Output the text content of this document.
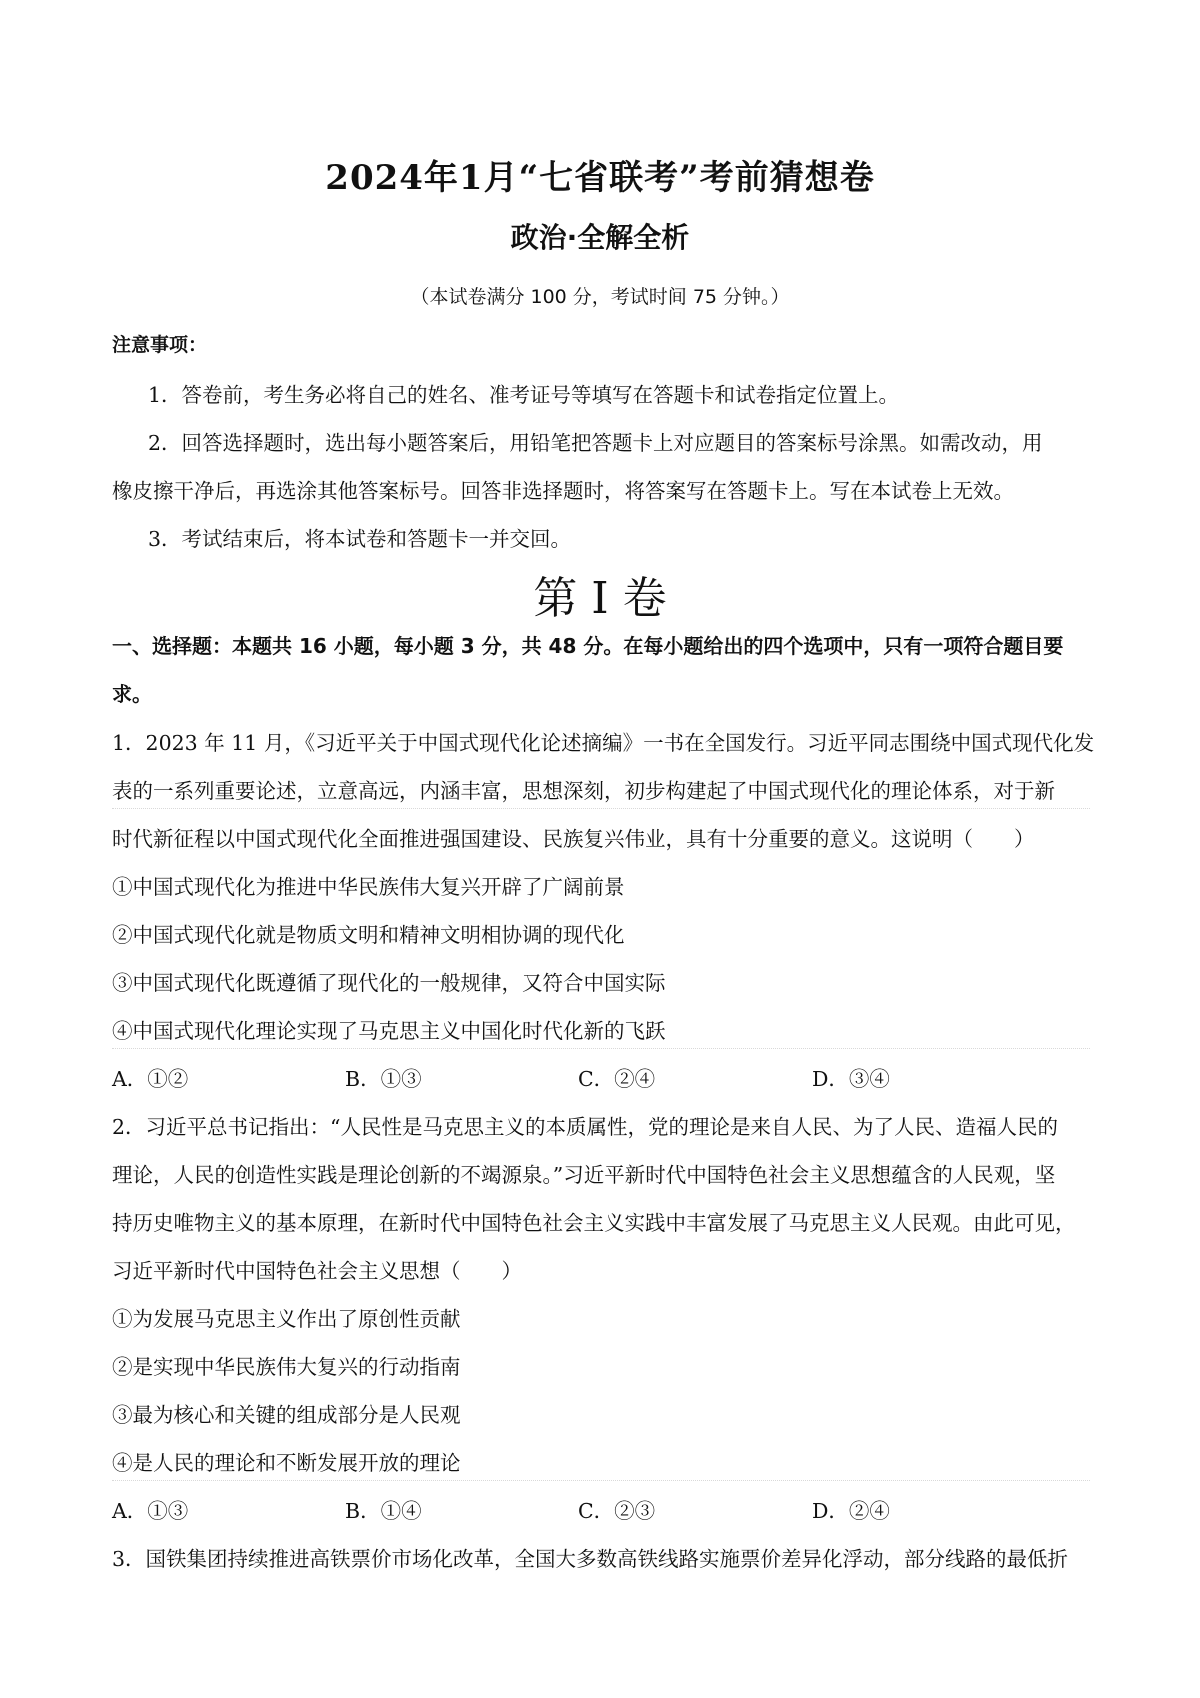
2024年1月“七省联考”考前猜想卷
政治·全解全析
（本试卷满分 100 分，考试时间 75 分钟。）
注意事项：
1．答卷前，考生务必将自己的姓名、准考证号等填写在答题卡和试卷指定位置上。
2．回答选择题时，选出每小题答案后，用铅笔把答题卡上对应题目的答案标号涂黑。如需改动，用
橡皮擦干净后，再选涂其他答案标号。回答非选择题时，将答案写在答题卡上。写在本试卷上无效。
3．考试结束后，将本试卷和答题卡一并交回。
第 I 卷
一、选择题：本题共 16 小题，每小题 3 分，共 48 分。在每小题给出的四个选项中，只有一项符合题目要
求。
1．2023 年 11 月，《习近平关于中国式现代化论述摘编》一书在全国发行。习近平同志围绕中国式现代化发
表的一系列重要论述，立意高远，内涵丰富，思想深刻，初步构建起了中国式现代化的理论体系，对于新
时代新征程以中国式现代化全面推进强国建设、民族复兴伟业，具有十分重要的意义。这说明（　　）
①中国式现代化为推进中华民族伟大复兴开辟了广阔前景
②中国式现代化就是物质文明和精神文明相协调的现代化
③中国式现代化既遵循了现代化的一般规律，又符合中国实际
④中国式现代化理论实现了马克思主义中国化时代化新的飞跃
A．①②	B．①③	C．②④	D．③④
2．习近平总书记指出：“人民性是马克思主义的本质属性，党的理论是来自人民、为了人民、造福人民的
理论，人民的创造性实践是理论创新的不竭源泉。”习近平新时代中国特色社会主义思想蕴含的人民观，坚
持历史唯物主义的基本原理，在新时代中国特色社会主义实践中丰富发展了马克思主义人民观。由此可见，
习近平新时代中国特色社会主义思想（　　）
①为发展马克思主义作出了原创性贡献
②是实现中华民族伟大复兴的行动指南
③最为核心和关键的组成部分是人民观
④是人民的理论和不断发展开放的理论
A．①③	B．①④	C．②③	D．②④
3．国铁集团持续推进高铁票价市场化改革，全国大多数高铁线路实施票价差异化浮动，部分线路的最低折
